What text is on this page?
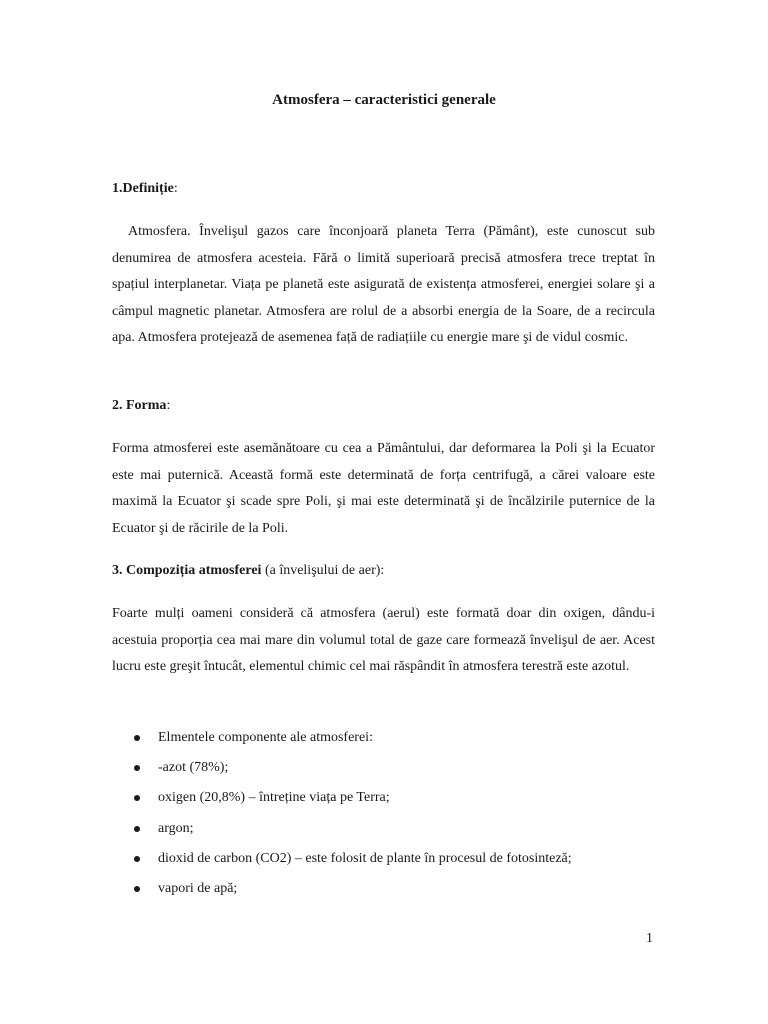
Atmosfera – caracteristici generale
1.Definiție:
Atmosfera. Învelişul gazos care înconjoară planeta Terra (Pământ), este cunoscut sub denumirea de atmosfera acesteia. Fără o limită superioară precisă atmosfera trece treptat în spațiul interplanetar. Viața pe planetă este asigurată de existența atmosferei, energiei solare şi a câmpul magnetic planetar. Atmosfera are rolul de a absorbi energia de la Soare, de a recircula apa. Atmosfera protejează de asemenea față de radiațiile cu energie mare şi de vidul cosmic.
2. Forma:
Forma atmosferei este asemănătoare cu cea a Pământului, dar deformarea la Poli şi la Ecuator este mai puternică. Această formă este determinată de forța centrifugă, a cărei valoare este maximă la Ecuator şi scade spre Poli, şi mai este determinată şi de încălzirile puternice de la Ecuator şi de răcirile de la Poli.
3. Compoziția atmosferei (a învelişului de aer):
Foarte mulți oameni consideră că atmosfera (aerul) este formată doar din oxigen, dându-i acestuia proporția cea mai mare din volumul total de gaze care formează învelişul de aer. Acest lucru este greşit întucât, elementul chimic cel mai răspândit în atmosfera terestră este azotul.
Elmentele componente ale atmosferei:
-azot (78%);
oxigen (20,8%) – întreține viața pe Terra;
argon;
dioxid de carbon (CO2) – este folosit de plante în procesul de fotosinteză;
vapori de apă;
1
